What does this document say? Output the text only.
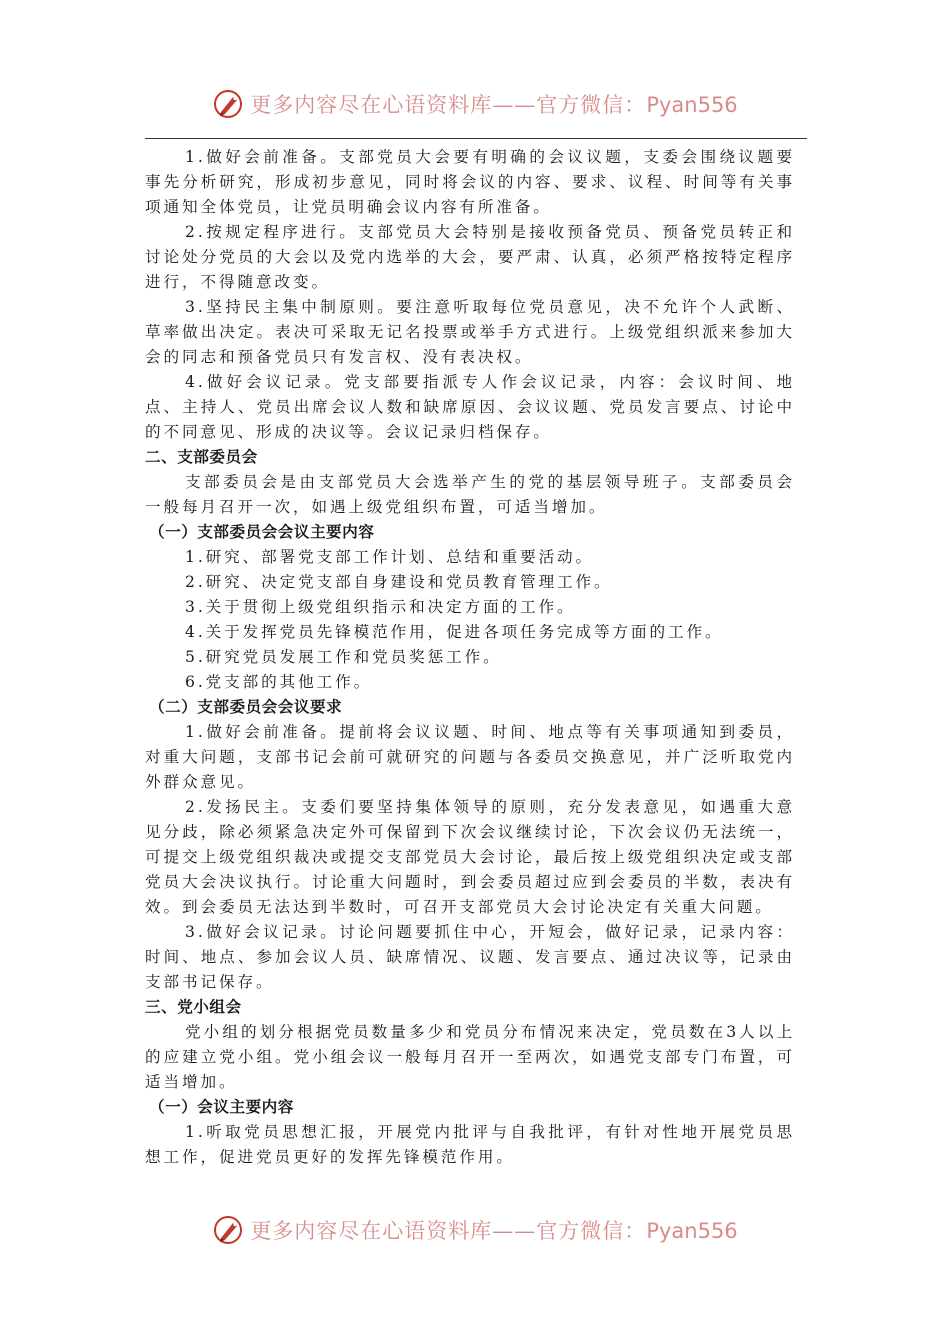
更多内容尽在心语资料库——官方微信：Pyan556

1.做好会前准备。支部党员大会要有明确的会议议题，支委会围绕议题要事先分析研究，形成初步意见，同时将会议的内容、要求、议程、时间等有关事项通知全体党员，让党员明确会议内容有所准备。

2.按规定程序进行。支部党员大会特别是接收预备党员、预备党员转正和讨论处分党员的大会以及党内选举的大会，要严肃、认真，必须严格按特定程序进行，不得随意改变。

3.坚持民主集中制原则。要注意听取每位党员意见，决不允许个人武断、草率做出决定。表决可采取无记名投票或举手方式进行。上级党组织派来参加大会的同志和预备党员只有发言权、没有表决权。

4.做好会议记录。党支部要指派专人作会议记录，内容：会议时间、地点、主持人、党员出席会议人数和缺席原因、会议议题、党员发言要点、讨论中的不同意见、形成的决议等。会议记录归档保存。

二、支部委员会

支部委员会是由支部党员大会选举产生的党的基层领导班子。支部委员会一般每月召开一次，如遇上级党组织布置，可适当增加。

（一）支部委员会会议主要内容

1.研究、部署党支部工作计划、总结和重要活动。

2.研究、决定党支部自身建设和党员教育管理工作。

3.关于贯彻上级党组织指示和决定方面的工作。

4.关于发挥党员先锋模范作用，促进各项任务完成等方面的工作。

5.研究党员发展工作和党员奖惩工作。

6.党支部的其他工作。

（二）支部委员会会议要求

1.做好会前准备。提前将会议议题、时间、地点等有关事项通知到委员，对重大问题，支部书记会前可就研究的问题与各委员交换意见，并广泛听取党内外群众意见。

2.发扬民主。支委们要坚持集体领导的原则，充分发表意见，如遇重大意见分歧，除必须紧急决定外可保留到下次会议继续讨论，下次会议仍无法统一，可提交上级党组织裁决或提交支部党员大会讨论，最后按上级党组织决定或支部党员大会决议执行。讨论重大问题时，到会委员超过应到会委员的半数，表决有效。到会委员无法达到半数时，可召开支部党员大会讨论决定有关重大问题。

3.做好会议记录。讨论问题要抓住中心，开短会，做好记录，记录内容：时间、地点、参加会议人员、缺席情况、议题、发言要点、通过决议等，记录由支部书记保存。

三、党小组会

党小组的划分根据党员数量多少和党员分布情况来决定，党员数在3人以上的应建立党小组。党小组会议一般每月召开一至两次，如遇党支部专门布置，可适当增加。

（一）会议主要内容

1.听取党员思想汇报，开展党内批评与自我批评，有针对性地开展党员思想工作，促进党员更好的发挥先锋模范作用。

更多内容尽在心语资料库——官方微信：Pyan556
